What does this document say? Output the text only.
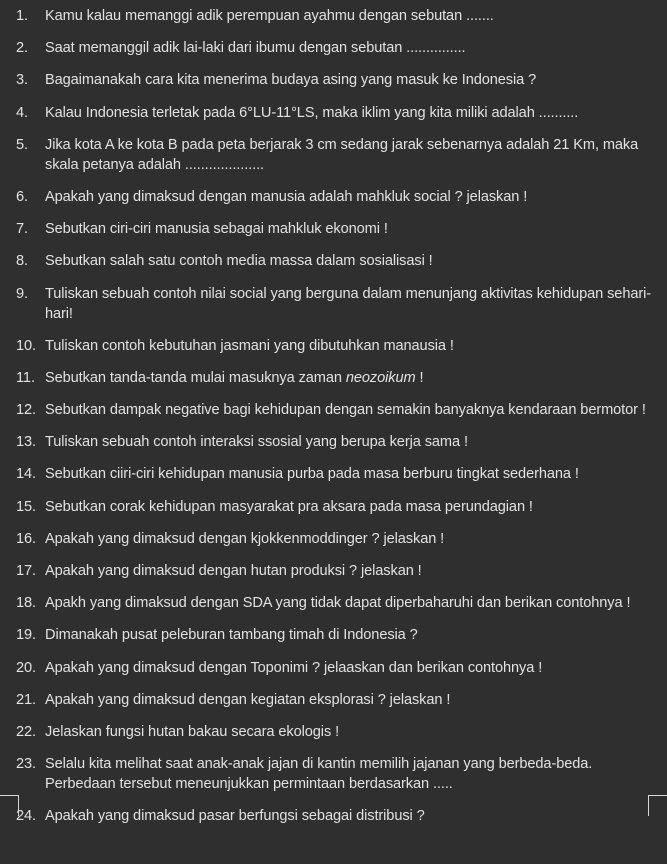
1.	Kamu kalau memanggi adik perempuan ayahmu dengan sebutan .......
2.	Saat memanggil adik lai-laki dari ibumu dengan sebutan ...............
3.	Bagaimanakah cara kita menerima budaya asing yang masuk ke Indonesia ?
4.	Kalau Indonesia terletak pada 6°LU-11°LS, maka iklim yang kita miliki adalah ..........
5.	Jika kota A ke kota B pada peta berjarak 3 cm sedang jarak sebenarnya adalah 21 Km, maka skala petanya adalah ....................
6.	Apakah yang dimaksud dengan manusia adalah mahkluk social ? jelaskan !
7.	Sebutkan ciri-ciri manusia sebagai mahkluk ekonomi !
8.	Sebutkan salah satu contoh media massa dalam sosialisasi !
9.	Tuliskan sebuah contoh nilai social yang berguna dalam menunjang aktivitas kehidupan sehari-hari!
10. Tuliskan contoh kebutuhan jasmani yang dibutuhkan manausia !
11. Sebutkan tanda-tanda mulai masuknya zaman neozoikum !
12. Sebutkan dampak negative bagi kehidupan dengan semakin banyaknya kendaraan bermotor !
13. Tuliskan sebuah contoh interaksi ssosial yang berupa kerja sama !
14. Sebutkan ciiri-ciri kehidupan manusia purba pada masa berburu tingkat sederhana !
15. Sebutkan corak kehidupan masyarakat pra aksara pada masa perundagian !
16. Apakah yang dimaksud dengan kjokkenmoddinger ? jelaskan !
17. Apakah yang dimaksud dengan hutan produksi ? jelaskan !
18. Apakh yang dimaksud dengan SDA yang tidak dapat diperbaharuhi dan berikan contohnya !
19. Dimanakah pusat peleburan tambang timah di Indonesia ?
20. Apakah yang dimaksud dengan Toponimi ? jelaaskan dan berikan contohnya !
21. Apakah yang dimaksud dengan kegiatan eksplorasi ? jelaskan !
22. Jelaskan fungsi hutan bakau secara ekologis !
23. Selalu kita melihat saat anak-anak jajan di kantin memilih jajanan yang berbeda-beda. Perbedaan tersebut meneunjukkan permintaan berdasarkan .....
24. Apakah yang dimaksud pasar berfungsi sebagai distribusi ?
